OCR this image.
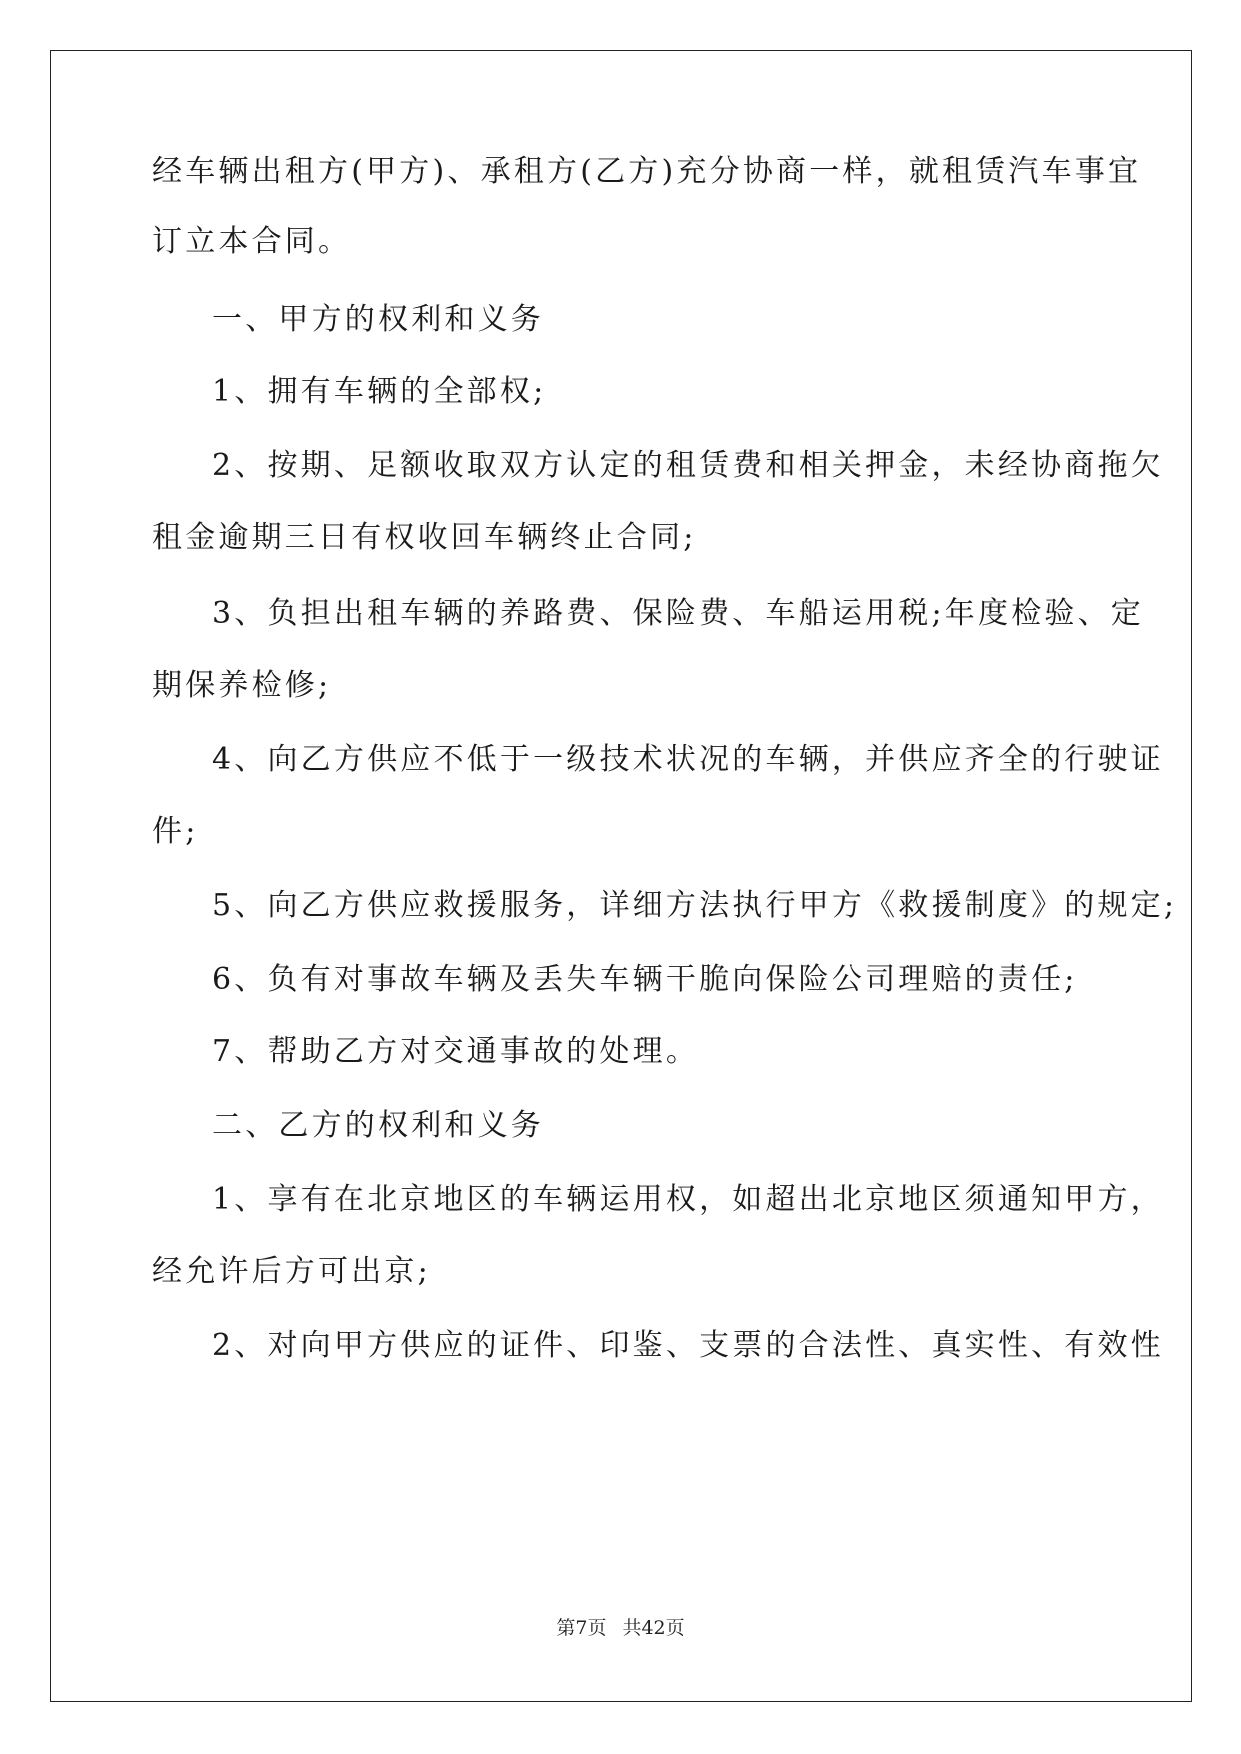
经车辆出租方(甲方)、承租方(乙方)充分协商一样，就租赁汽车事宜
订立本合同。
一、甲方的权利和义务
1、拥有车辆的全部权;
2、按期、足额收取双方认定的租赁费和相关押金，未经协商拖欠
租金逾期三日有权收回车辆终止合同;
3、负担出租车辆的养路费、保险费、车船运用税;年度检验、定
期保养检修;
4、向乙方供应不低于一级技术状况的车辆，并供应齐全的行驶证
件;
5、向乙方供应救援服务，详细方法执行甲方《救援制度》的规定;
6、负有对事故车辆及丢失车辆干脆向保险公司理赔的责任;
7、帮助乙方对交通事故的处理。
二、乙方的权利和义务
1、享有在北京地区的车辆运用权，如超出北京地区须通知甲方，
经允许后方可出京;
2、对向甲方供应的证件、印鉴、支票的合法性、真实性、有效性
第7页 共42页
